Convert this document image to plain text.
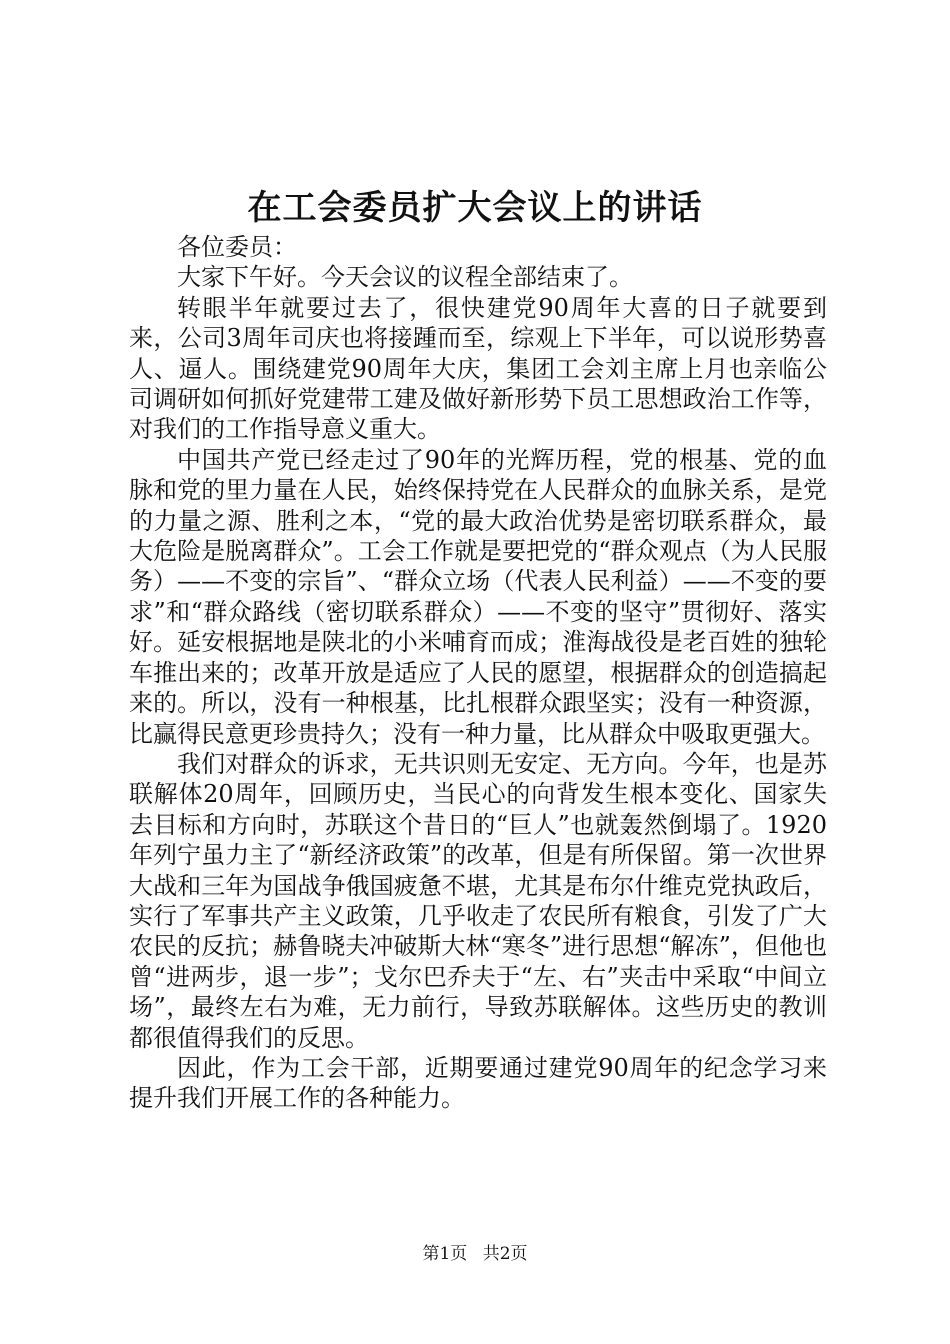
在工会委员扩大会议上的讲话

各位委员：

大家下午好。今天会议的议程全部结束了。

转眼半年就要过去了，很快建党90周年大喜的日子就要到来，公司3周年司庆也将接踵而至，综观上下半年，可以说形势喜人、逼人。围绕建党90周年大庆，集团工会刘主席上月也亲临公司调研如何抓好党建带工建及做好新形势下员工思想政治工作等，对我们的工作指导意义重大。

中国共产党已经走过了90年的光辉历程，党的根基、党的血脉和党的里力量在人民，始终保持党在人民群众的血脉关系，是党的力量之源、胜利之本，“党的最大政治优势是密切联系群众，最大危险是脱离群众”。工会工作就是要把党的“群众观点（为人民服务）——不变的宗旨”、“群众立场（代表人民利益）——不变的要求”和“群众路线（密切联系群众）——不变的坚守”贯彻好、落实好。延安根据地是陕北的小米哺育而成；淮海战役是老百姓的独轮车推出来的；改革开放是适应了人民的愿望，根据群众的创造搞起来的。所以，没有一种根基，比扎根群众跟坚实；没有一种资源，比赢得民意更珍贵持久；没有一种力量，比从群众中吸取更强大。

我们对群众的诉求，无共识则无安定、无方向。今年，也是苏联解体20周年，回顾历史，当民心的向背发生根本变化、国家失去目标和方向时，苏联这个昔日的“巨人”也就轰然倒塌了。1920年列宁虽力主了“新经济政策”的改革，但是有所保留。第一次世界大战和三年为国战争俄国疲惫不堪，尤其是布尔什维克党执政后，实行了军事共产主义政策，几乎收走了农民所有粮食，引发了广大农民的反抗；赫鲁晓夫冲破斯大林“寒冬”进行思想“解冻”，但他也曾“进两步，退一步”；戈尔巴乔夫于“左、右”夹击中采取“中间立场”，最终左右为难，无力前行，导致苏联解体。这些历史的教训都很值得我们的反思。

因此，作为工会干部，近期要通过建党90周年的纪念学习来提升我们开展工作的各种能力。

第1页 共2页
